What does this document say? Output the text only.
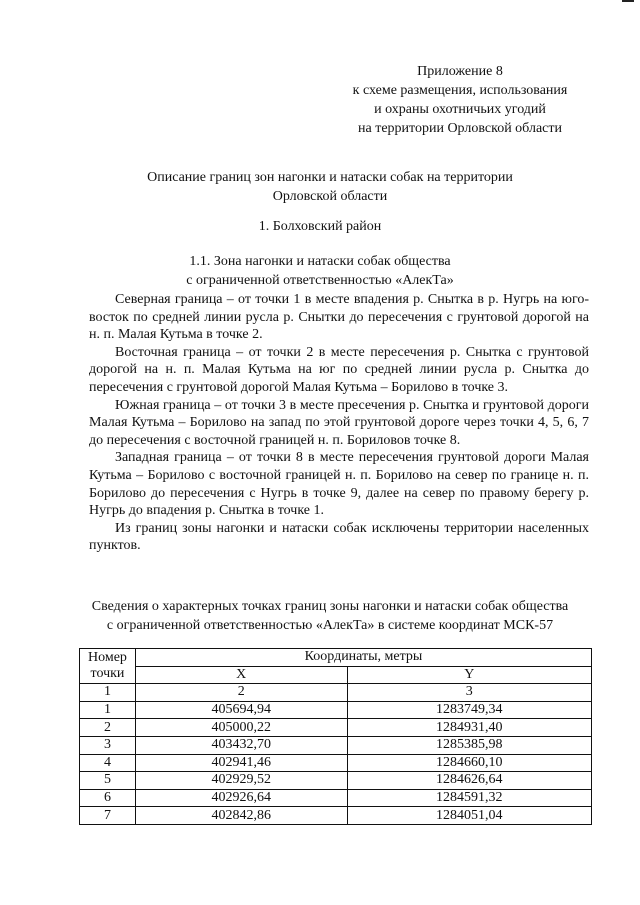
Приложение 8
к схеме размещения, использования
и охраны охотничьих угодий
на территории Орловской области
Описание границ зон нагонки и натаски собак на территории
Орловской области
1. Болховский район
1.1. Зона нагонки и натаски собак общества
с ограниченной ответственностью «АлекТа»

Северная граница – от точки 1 в месте впадения р. Снытка в р. Нугрь на юго-восток по средней линии русла р. Снытки до пересечения с грунтовой дорогой на н. п. Малая Кутьма в точке 2.

Восточная граница – от точки 2 в месте пересечения р. Снытка с грунтовой дорогой на н. п. Малая Кутьма на юг по средней линии русла р. Снытка до пересечения с грунтовой дорогой Малая Кутьма – Борилово в точке 3.

Южная граница – от точки 3 в месте пресечения р. Снытка и грунтовой дороги Малая Кутьма – Борилово на запад по этой грунтовой дороге через точки 4, 5, 6, 7 до пересечения с восточной границей н. п. Бориловов точке 8.

Западная граница – от точки 8 в месте пересечения грунтовой дороги Малая Кутьма – Борилово с восточной границей н. п. Борилово на север по границе н. п. Борилово до пересечения с Нугрь в точке 9, далее на север по правому берегу р. Нугрь до впадения р. Снытка в точке 1.

Из границ зоны нагонки и натаски собак исключены территории населенных пунктов.

Сведения о характерных точках границ зоны нагонки и натаски собак общества
с ограниченной ответственностью «АлекТа» в системе координат МСК-57
Номер
точки	Координаты, метры	
	X	Y
1	2	3
1	405694,94	1283749,34
2	405000,22	1284931,40
3	403432,70	1285385,98
4	402941,46	1284660,10
5	402929,52	1284626,64
6	402926,64	1284591,32
7	402842,86	1284051,04
